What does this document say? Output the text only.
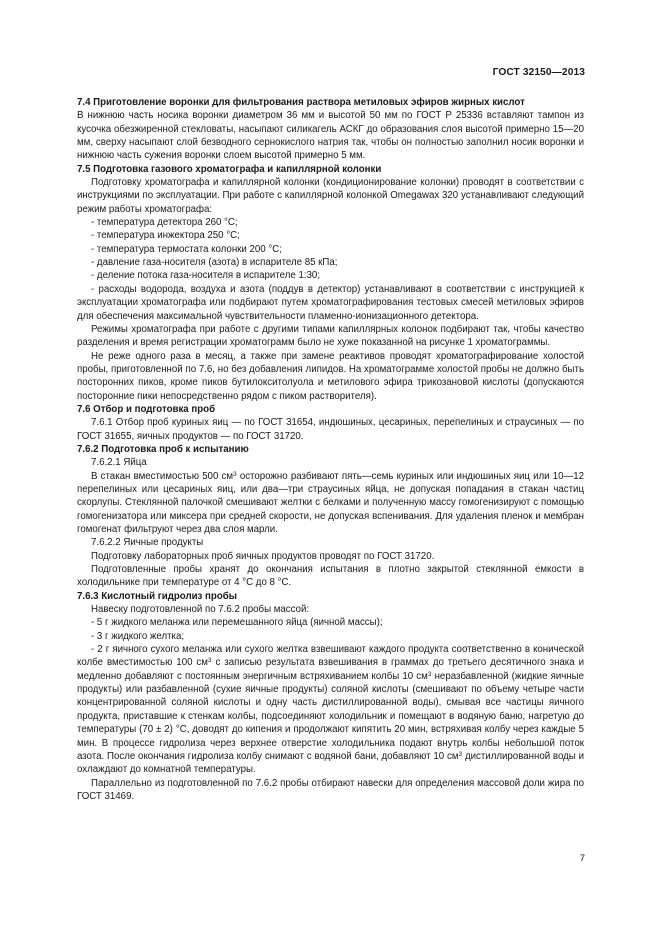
ГОСТ 32150—2013

7.4 Приготовление воронки для фильтрования раствора метиловых эфиров жирных кислот

В нижнюю часть носика воронки диаметром 36 мм и высотой 50 мм по ГОСТ Р 25336 вставляют тампон из кусочка обезжиренной стекловаты, насыпают силикагель АСКГ до образования слоя высотой примерно 15—20 мм, сверху насыпают слой безводного сернокислого натрия так, чтобы он полностью заполнил носик воронки и нижнюю часть сужения воронки слоем высотой примерно 5 мм.

7.5 Подготовка газового хроматографа и капиллярной колонки

Подготовку хроматографа и капиллярной колонки (кондиционирование колонки) проводят в соответствии с инструкциями по эксплуатации. При работе с капиллярной колонкой Omegawax 320 устанавливают следующий режим работы хроматографа:

- температура детектора 260 °С;

- температура инжектора 250 °С;

- температура термостата колонки 200 °С;

- давление газа-носителя (азота) в испарителе 85 кПа;

- деление потока газа-носителя в испарителе 1:30;

- расходы водорода, воздуха и азота (поддув в детектор) устанавливают в соответствии с инструкцией к эксплуатации хроматографа или подбирают путем хроматографирования тестовых смесей метиловых эфиров для обеспечения максимальной чувствительности пламенно-ионизационного детектора.

Режимы хроматографа при работе с другими типами капиллярных колонок подбирают так, чтобы качество разделения и время регистрации хроматограмм было не хуже показанной на рисунке 1 хроматограммы.

Не реже одного раза в месяц, а также при замене реактивов проводят хроматографирование холостой пробы, приготовленной по 7.6, но без добавления липидов. На хроматограмме холостой пробы не должно быть посторонних пиков, кроме пиков бутилокситолуола и метилового эфира трикозановой кислоты (допускаются посторонние пики непосредственно рядом с пиком растворителя).

7.6 Отбор и подготовка проб

7.6.1 Отбор проб куриных яиц — по ГОСТ 31654, индюшиных, цесариных, перепелиных и страусиных — по ГОСТ 31655, яичных продуктов — по ГОСТ 31720.

7.6.2 Подготовка проб к испытанию

7.6.2.1 Яйца

В стакан вместимостью 500 $см^3$ осторожно разбивают пять—семь куриных или индюшиных яиц или 10—12 перепелиных или цесариных яиц, или два—три страусиных яйца, не допуская попадания в стакан частиц скорлупы. Стеклянной палочкой смешивают желтки с белками и полученную массу гомогенизируют с помощью гомогенизатора или миксера при средней скорости, не допуская вспенивания. Для удаления пленок и мембран гомогенат фильтруют через два слоя марли.

7.6.2.2 Яичные продукты

Подготовку лабораторных проб яичных продуктов проводят по ГОСТ 31720.

Подготовленные пробы хранят до окончания испытания в плотно закрытой стеклянной емкости в холодильнике при температуре от 4 °С до 8 °С.

7.6.3 Кислотный гидролиз пробы

Навеску подготовленной по 7.6.2 пробы массой:

- 5 г жидкого меланжа или перемешанного яйца (яичной массы);

- 3 г жидкого желтка;

- 2 г яичного сухого меланжа или сухого желтка взвешивают каждого продукта соответственно в конической колбе вместимостью 100 $см^3$ с записью результата взвешивания в граммах до третьего десятичного знака и медленно добавляют с постоянным энергичным встряхиванием колбы 10 $см^3$ неразбавленной (жидкие яичные продукты) или разбавленной (сухие яичные продукты) соляной кислоты (смешивают по объему четыре части концентрированной соляной кислоты и одну часть дистиллированной воды), смывая все частицы яичного продукта, приставшие к стенкам колбы, подсоединяют холодильник и помещают в водяную баню, нагретую до температуры (70 ± 2) °С, доводят до кипения и продолжают кипятить 20 мин, встряхивая колбу через каждые 5 мин. В процессе гидролиза через верхнее отверстие холодильника подают внутрь колбы небольшой поток азота. После окончания гидролиза колбу снимают с водяной бани, добавляют 10 $см^3$ дистиллированной воды и охлаждают до комнатной температуры.

Параллельно из подготовленной по 7.6.2 пробы отбирают навески для определения массовой доли жира по ГОСТ 31469.

7
